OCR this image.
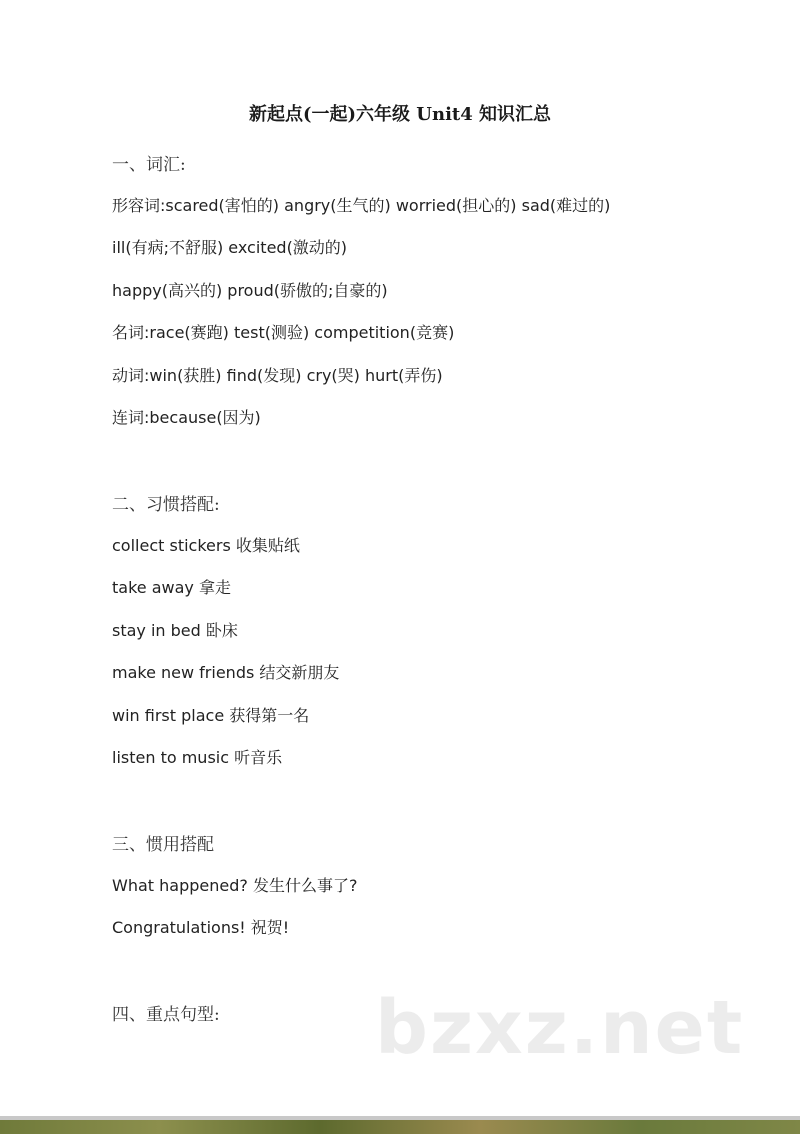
新起点(一起)六年级 Unit4 知识汇总
一、词汇:
形容词:scared(害怕的) angry(生气的) worried(担心的) sad(难过的)
ill(有病;不舒服) excited(激动的)
happy(高兴的) proud(骄傲的;自豪的)
名词:race(赛跑) test(测验) competition(竞赛)
动词:win(获胜) find(发现) cry(哭) hurt(弄伤)
连词:because(因为)
二、习惯搭配:
collect stickers 收集贴纸
take away 拿走
stay in bed 卧床
make new friends 结交新朋友
win first place 获得第一名
listen to music 听音乐
三、惯用搭配
What happened? 发生什么事了?
Congratulations! 祝贺!
四、重点句型: bzxz.net
